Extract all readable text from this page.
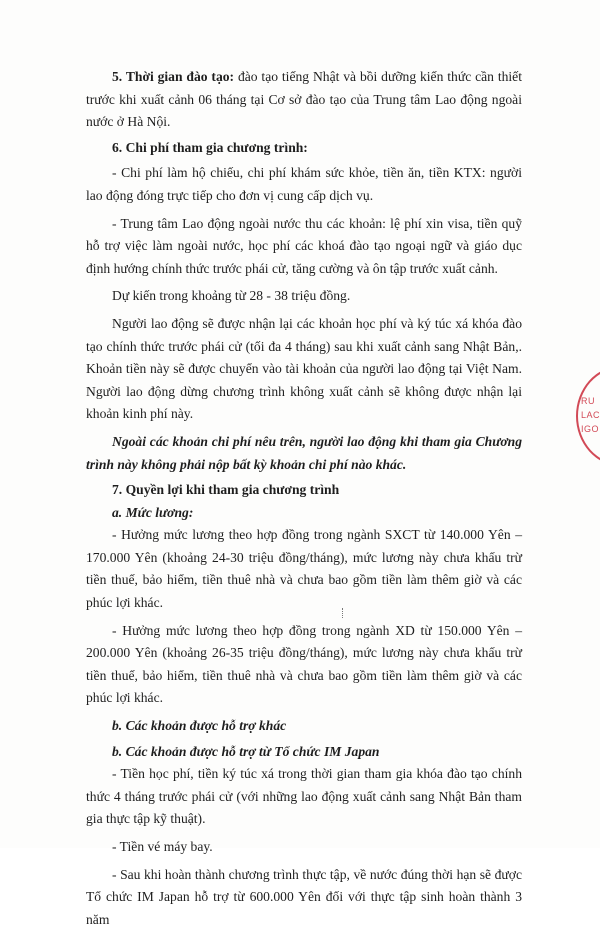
5. Thời gian đào tạo: đào tạo tiếng Nhật và bồi dưỡng kiến thức cần thiết trước khi xuất cảnh 06 tháng tại Cơ sở đào tạo của Trung tâm Lao động ngoài nước ở Hà Nội.

6. Chi phí tham gia chương trình:

- Chi phí làm hộ chiếu, chi phí khám sức khỏe, tiền ăn, tiền KTX: người lao động đóng trực tiếp cho đơn vị cung cấp dịch vụ.

- Trung tâm Lao động ngoài nước thu các khoản: lệ phí xin visa, tiền quỹ hỗ trợ việc làm ngoài nước, học phí các khoá đào tạo ngoại ngữ và giáo dục định hướng chính thức trước phái cử, tăng cường và ôn tập trước xuất cảnh.

Dự kiến trong khoảng từ 28 - 38 triệu đồng.

Người lao động sẽ được nhận lại các khoản học phí và ký túc xá khóa đào tạo chính thức trước phái cử (tối đa 4 tháng) sau khi xuất cảnh sang Nhật Bản,. Khoản tiền này sẽ được chuyển vào tài khoản của người lao động tại Việt Nam. Người lao động dừng chương trình không xuất cảnh sẽ không được nhận lại khoản kinh phí này.

Ngoài các khoản chi phí nêu trên, người lao động khi tham gia Chương trình này không phải nộp bất kỳ khoản chi phí nào khác.

7. Quyền lợi khi tham gia chương trình

a. Mức lương:

- Hưởng mức lương theo hợp đồng trong ngành SXCT từ 140.000 Yên – 170.000 Yên (khoảng 24-30 triệu đồng/tháng), mức lương này chưa khấu trừ tiền thuế, bảo hiểm, tiền thuê nhà và chưa bao gồm tiền làm thêm giờ và các phúc lợi khác.

- Hưởng mức lương theo hợp đồng trong ngành XD từ 150.000 Yên – 200.000 Yên (khoảng 26-35 triệu đồng/tháng), mức lương này chưa khấu trừ tiền thuế, bảo hiểm, tiền thuê nhà và chưa bao gồm tiền làm thêm giờ và các phúc lợi khác.

b. Các khoản được hỗ trợ khác

b. Các khoản được hỗ trợ từ Tổ chức IM Japan

- Tiền học phí, tiền ký túc xá trong thời gian tham gia khóa đào tạo chính thức 4 tháng trước phái cử (với những lao động xuất cảnh sang Nhật Bản tham gia thực tập kỹ thuật).

- Tiền vé máy bay.

- Sau khi hoàn thành chương trình thực tập, về nước đúng thời hạn sẽ được Tổ chức IM Japan hỗ trợ từ 600.000 Yên đối với thực tập sinh hoàn thành 3 năm

RU
LAC
IGO
